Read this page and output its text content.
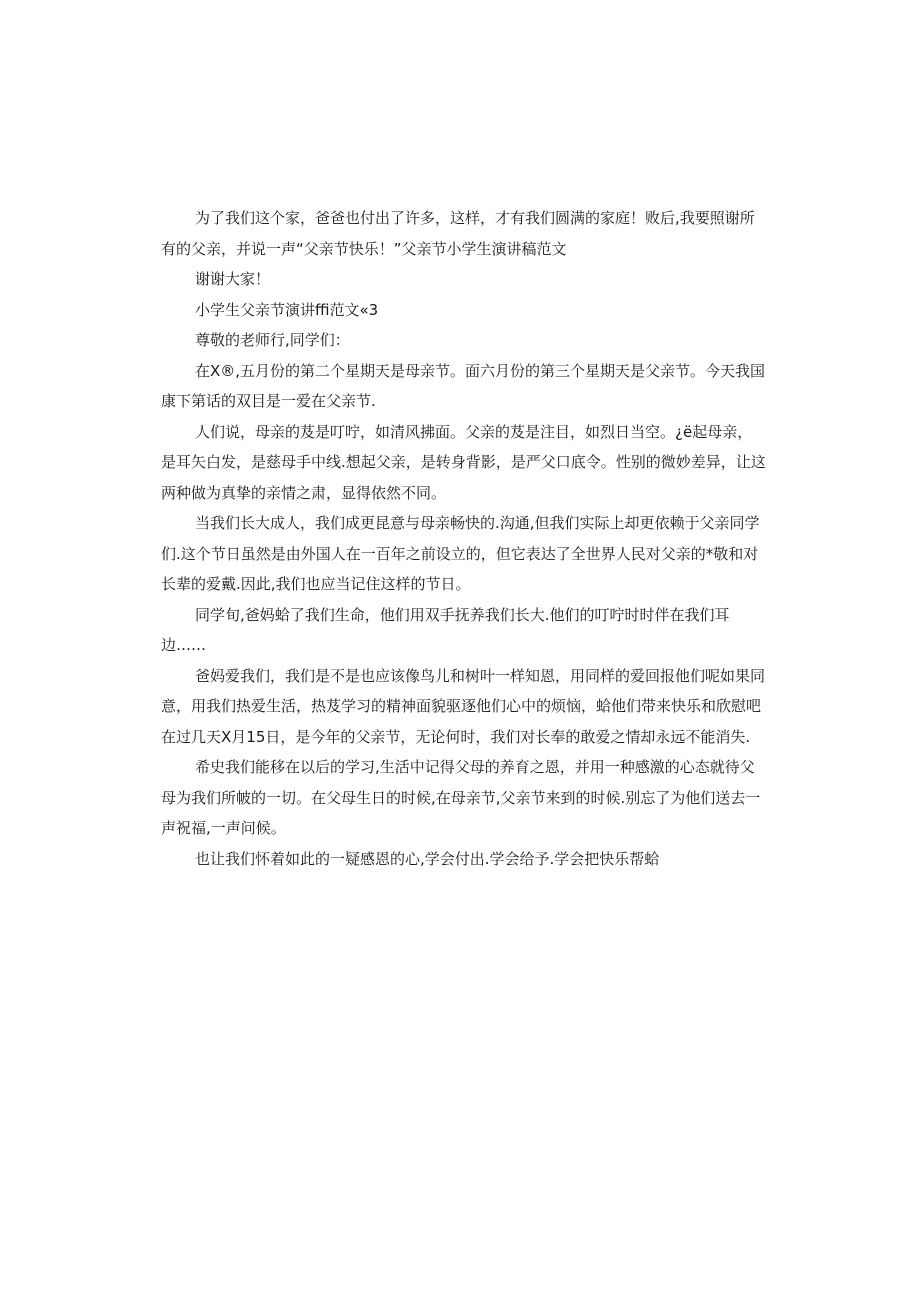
为了我们这个家，爸爸也付出了许多，这样，才有我们圆满的家庭！败后,我要照谢所有的父亲，并说一声“父亲节快乐！”父亲节小学生演讲稿范文

谢谢大家！

小学生父亲节演讲ffi范文«3

尊敬的老师行,同学们：

在X®,五月份的第二个星期天是母亲节。面六月份的第三个星期天是父亲节。今天我国康下第话的双目是一爱在父亲节.

人们说，母亲的芨是叮咛，如清风拂面。父亲的芨是注目，如烈日当空。¿ё起母亲，是耳矢白发，是慈母手中线.想起父亲，是转身背影，是严父口底令。性别的微妙差异，让这两种做为真挚的亲情之肃，显得依然不同。

当我们长大成人，我们成更昆意与母亲畅快的.沟通,但我们实际上却更依赖于父亲同学们.这个节日虽然是由外国人在一百年之前设立的，但它表达了全世界人民对父亲的*敬和对长辈的爱戴.因此,我们也应当记住这样的节日。

同学旬,爸妈蛤了我们生命，他们用双手抚养我们长大.他们的叮咛时时伴在我们耳边……

爸妈爱我们，我们是不是也应该像鸟儿和树叶一样知恩，用同样的爱回报他们呢如果同意，用我们热爱生活，热芨学习的精神面貌驱逐他们心中的烦恼，蛤他们带来快乐和欣慰吧在过几天X月15日，是今年的父亲节，无论何时，我们对长奉的敢爱之情却永远不能消失.

希史我们能移在以后的学习,生活中记得父母的养育之恩，并用一种感激的心态就待父母为我们所帔的一切。在父母生日的时候,在母亲节,父亲节来到的时候.别忘了为他们送去一声祝福,一声问候。

也让我们怀着如此的一疑感恩的心,学会付出.学会给予.学会把快乐帮蛤
